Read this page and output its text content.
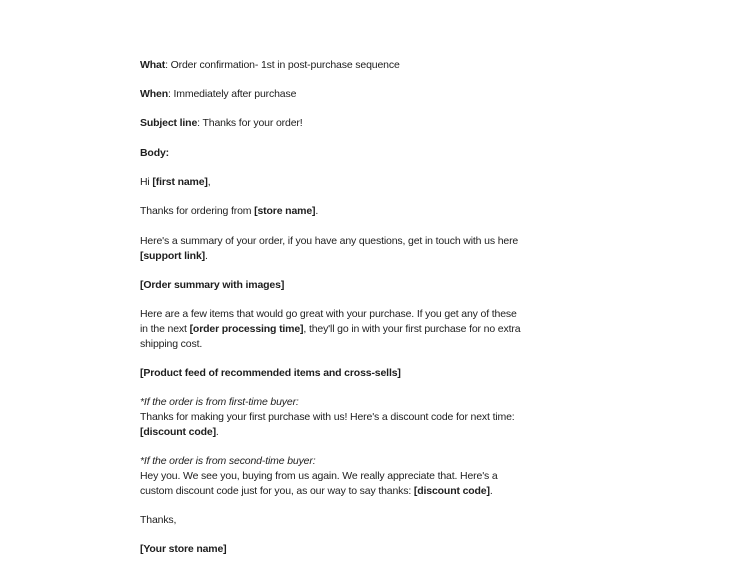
What: Order confirmation- 1st in post-purchase sequence
When: Immediately after purchase
Subject line: Thanks for your order!
Body:
Hi [first name],
Thanks for ordering from [store name].
Here's a summary of your order, if you have any questions, get in touch with us here
[support link].
[Order summary with images]
Here are a few items that would go great with your purchase. If you get any of these
in the next [order processing time], they'll go in with your first purchase for no extra
shipping cost.
[Product feed of recommended items and cross-sells]
*If the order is from first-time buyer:
Thanks for making your first purchase with us! Here's a discount code for next time:
[discount code].
*If the order is from second-time buyer:
Hey you. We see you, buying from us again. We really appreciate that. Here's a
custom discount code just for you, as our way to say thanks: [discount code].
Thanks,
[Your store name]
